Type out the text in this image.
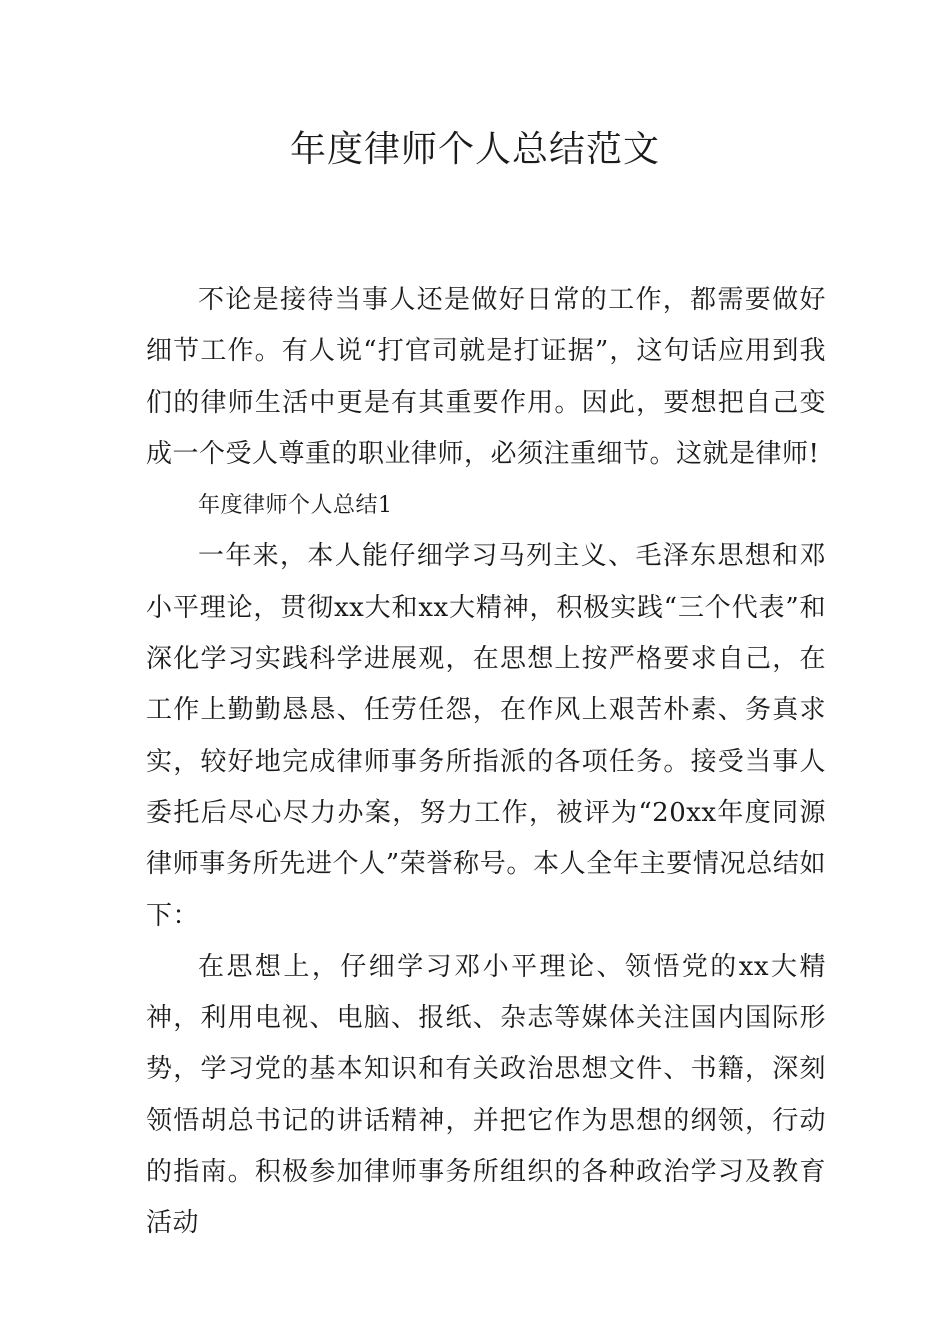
年度律师个人总结范文

不论是接待当事人还是做好日常的工作，都需要做好细节工作。有人说“打官司就是打证据”，这句话应用到我们的律师生活中更是有其重要作用。因此，要想把自己变成一个受人尊重的职业律师，必须注重细节。这就是律师!

年度律师个人总结1

一年来，本人能仔细学习马列主义、毛泽东思想和邓小平理论，贯彻xx大和xx大精神，积极实践“三个代表”和深化学习实践科学进展观，在思想上按严格要求自己，在工作上勤勤恳恳、任劳任怨，在作风上艰苦朴素、务真求实，较好地完成律师事务所指派的各项任务。接受当事人委托后尽心尽力办案，努力工作，被评为“20xx年度同源律师事务所先进个人”荣誉称号。本人全年主要情况总结如下：

在思想上，仔细学习邓小平理论、领悟党的xx大精神，利用电视、电脑、报纸、杂志等媒体关注国内国际形势，学习党的基本知识和有关政治思想文件、书籍，深刻领悟胡总书记的讲话精神，并把它作为思想的纲领，行动的指南。积极参加律师事务所组织的各种政治学习及教育活动
